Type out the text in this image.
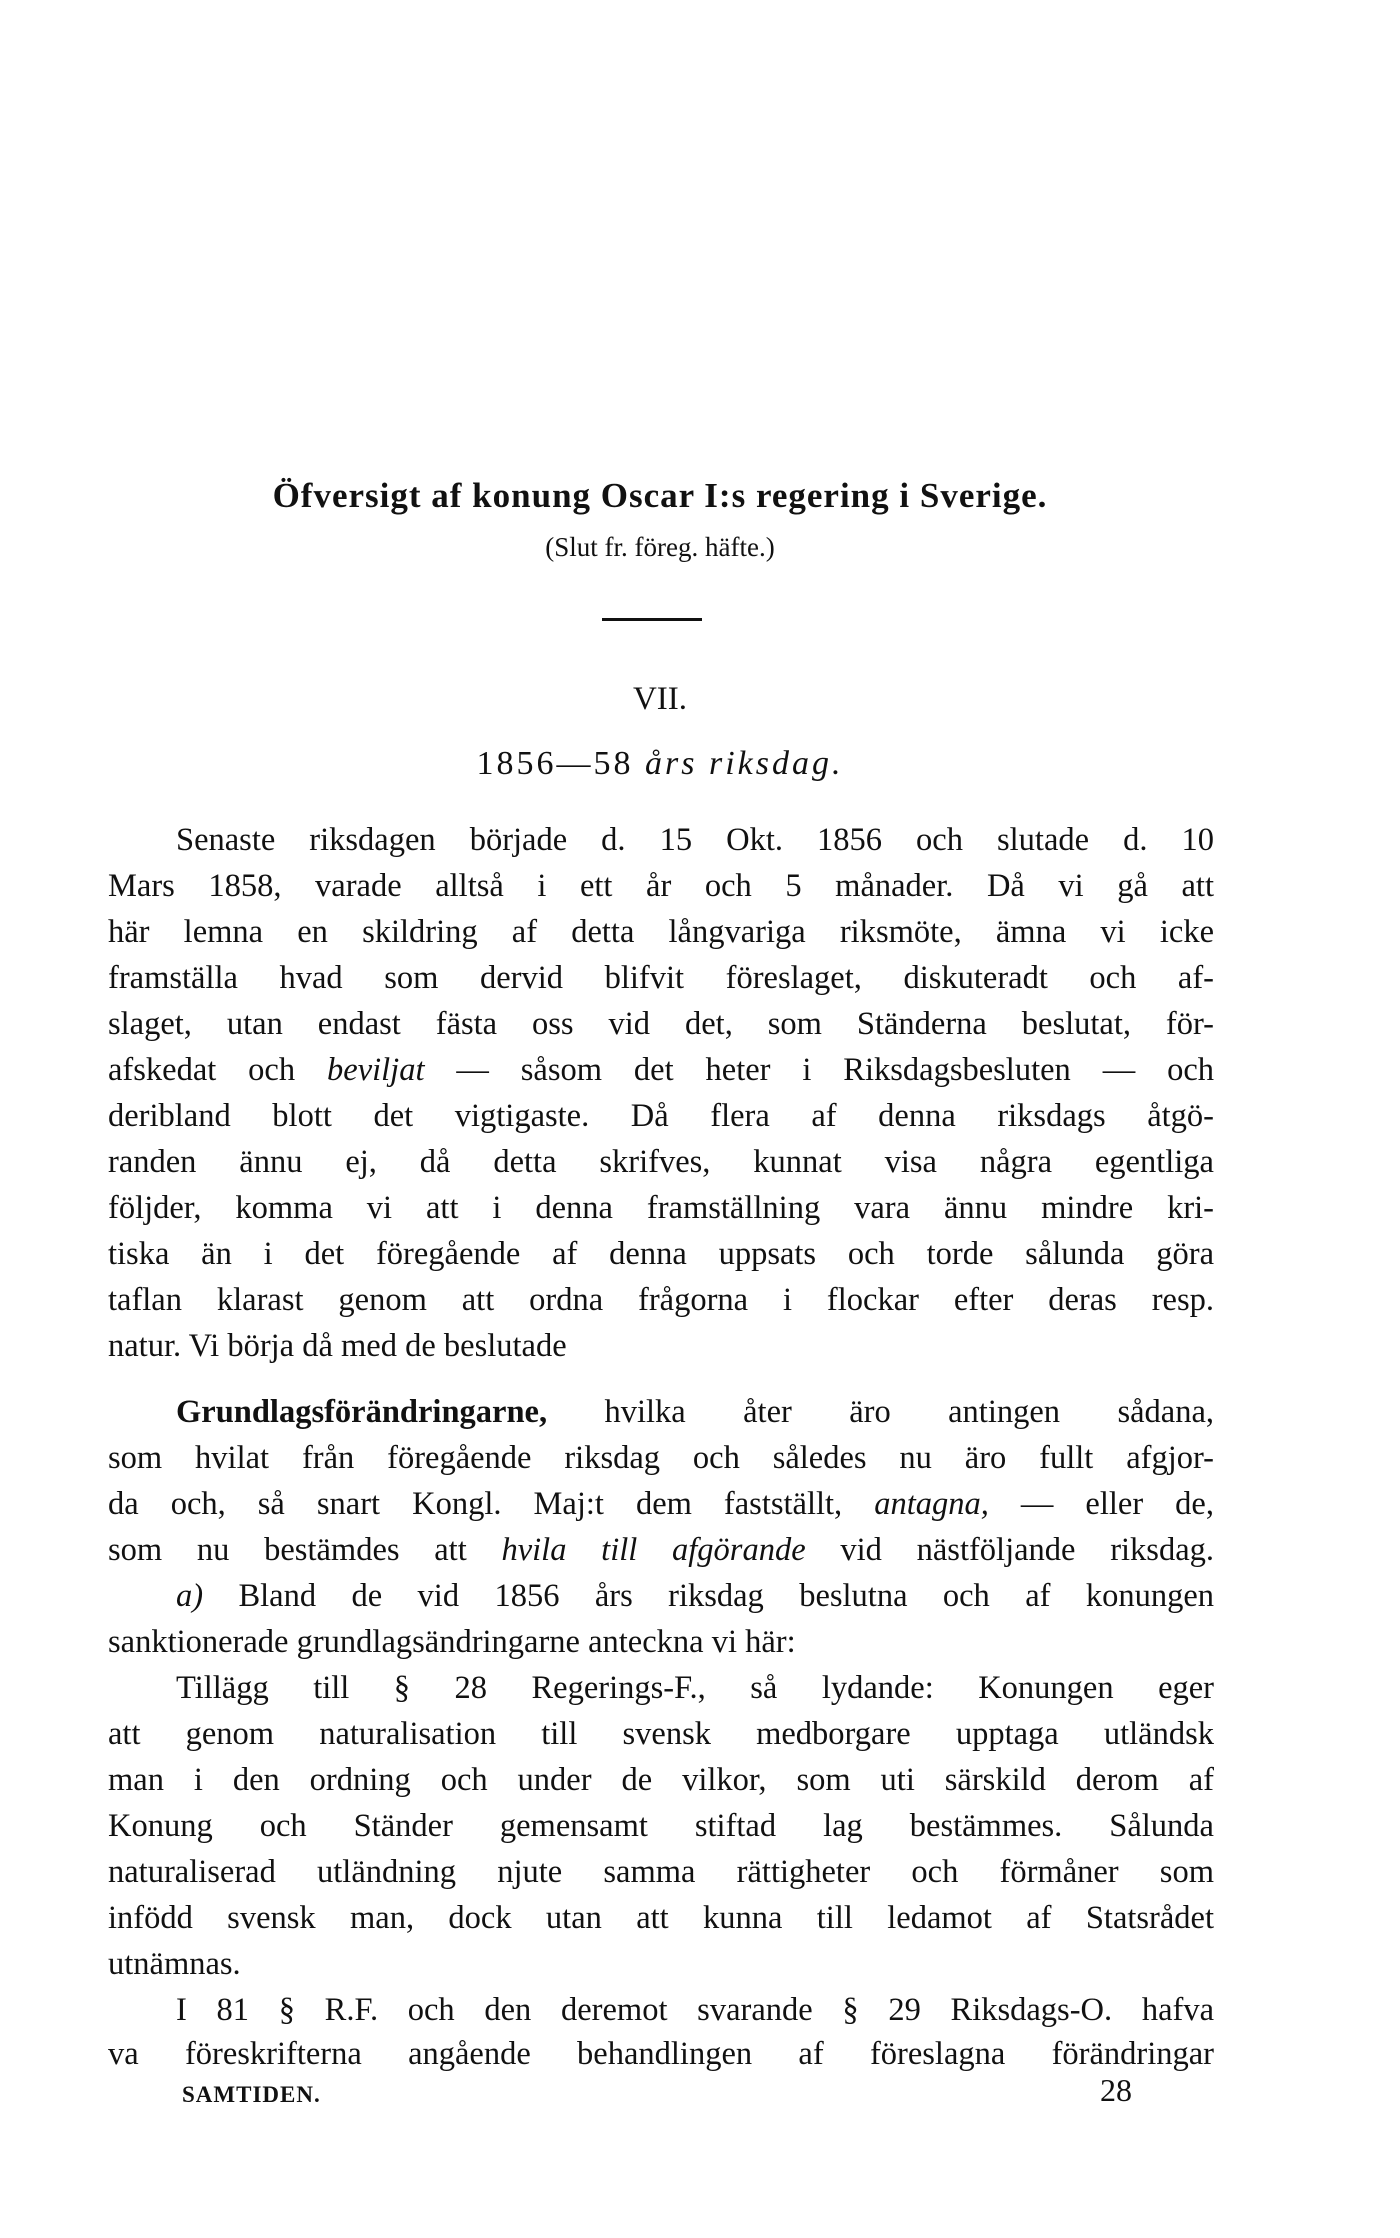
Öfversigt af konung Oscar I:s regering i Sverige.
(Slut fr. föreg. häfte.)
VII.
1856—58 års riksdag.
Senaste riksdagen började d. 15 Okt. 1856 och slutade d. 10
Mars 1858, varade alltså i ett år och 5 månader. Då vi gå att
här lemna en skildring af detta långvariga riksmöte, ämna vi icke
framställa hvad som dervid blifvit föreslaget, diskuteradt och af-
slaget, utan endast fästa oss vid det, som Ständerna beslutat, för-
afskedat och beviljat — såsom det heter i Riksdagsbesluten — och
deribland blott det vigtigaste. Då flera af denna riksdags åtgö-
randen ännu ej, då detta skrifves, kunnat visa några egentliga
följder, komma vi att i denna framställning vara ännu mindre kri-
tiska än i det föregående af denna uppsats och torde sålunda göra
taflan klarast genom att ordna frågorna i flockar efter deras resp.
natur. Vi börja då med de beslutade
Grundlagsförändringarne, hvilka åter äro antingen sådana,
som hvilat från föregående riksdag och således nu äro fullt afgjor-
da och, så snart Kongl. Maj:t dem fastställt, antagna, — eller de,
som nu bestämdes att hvila till afgörande vid nästföljande riksdag.
a) Bland de vid 1856 års riksdag beslutna och af konungen
sanktionerade grundlagsändringarne anteckna vi här:
Tillägg till § 28 Regerings-F., så lydande: Konungen eger
att genom naturalisation till svensk medborgare upptaga utländsk
man i den ordning och under de vilkor, som uti särskild derom af
Konung och Ständer gemensamt stiftad lag bestämmes. Sålunda
naturaliserad utländning njute samma rättigheter och förmåner som
infödd svensk man, dock utan att kunna till ledamot af Statsrådet
utnämnas.
I 81 § R.F. och den deremot svarande § 29 Riksdags-O. hafva
va föreskrifterna angående behandlingen af föreslagna förändringar
SAMTIDEN.	28
